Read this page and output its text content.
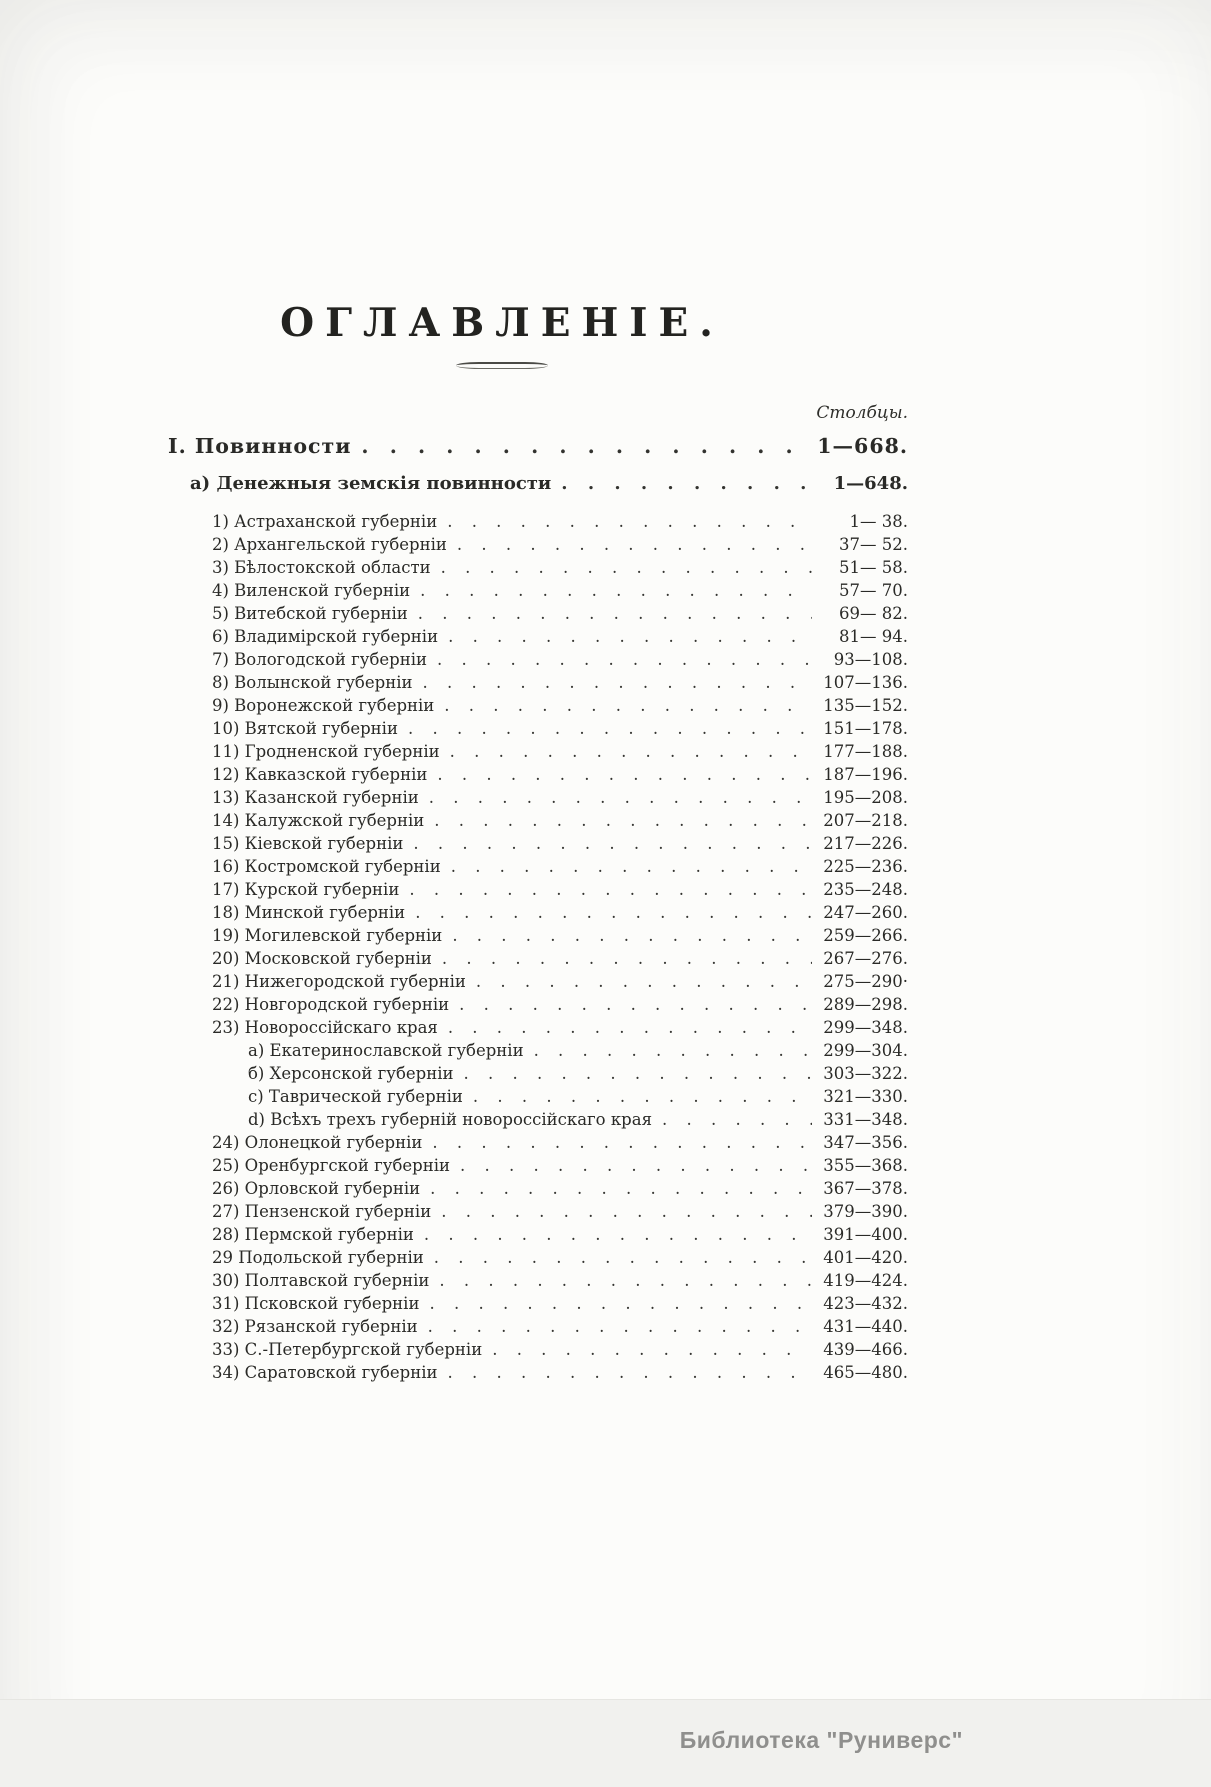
ОГЛАВЛЕНІЕ.
Столбцы.
I. Повинности . . .	1—668.
а) Денежныя земскія повинности . . .	1—648.
1) Астраханской губерніи . . .	1— 38.
2) Архангельской губерніи . . .	37— 52.
3) Бѣлостокской области . . .	51— 58.
4) Виленской губерніи . . .	57— 70.
5) Витебской губерніи . . .	69— 82.
6) Владимірской губерніи . . .	81— 94.
7) Вологодской губерніи . . .	93—108.
8) Волынской губерніи . . .	107—136.
9) Воронежской губерніи . . .	135—152.
10) Вятской губерніи . . .	151—178.
11) Гродненской губерніи . . .	177—188.
12) Кавказской губерніи . . .	187—196.
13) Казанской губерніи . . .	195—208.
14) Калужской губерніи . . .	207—218.
15) Кіевской губерніи . . .	217—226.
16) Костромской губерніи . . .	225—236.
17) Курской губерніи . . .	235—248.
18) Минской губерніи . . .	247—260.
19) Могилевской губерніи . . .	259—266.
20) Московской губерніи . . .	267—276.
21) Нижегородской губерніи . . .	275—290·
22) Новгородской губерніи . . .	289—298.
23) Новороссійскаго края . . .	299—348.
а) Екатеринославской губерніи . . .	299—304.
б) Херсонской губерніи . . .	303—322.
с) Таврической губерніи . . .	321—330.
d) Всѣхъ трехъ губерній новороссійскаго края . . .	331—348.
24) Олонецкой губерніи . . .	347—356.
25) Оренбургской губерніи . . .	355—368.
26) Орловской губерніи . . .	367—378.
27) Пензенской губерніи . . .	379—390.
28) Пермской губерніи . . .	391—400.
29 Подольской губерніи . . .	401—420.
30) Полтавской губерніи . . .	419—424.
31) Псковской губерніи . . .	423—432.
32) Рязанской губерніи . . .	431—440.
33) С.-Петербургской губерніи . . .	439—466.
34) Саратовской губерніи . . .	465—480.
Библиотека "Руниверс"
